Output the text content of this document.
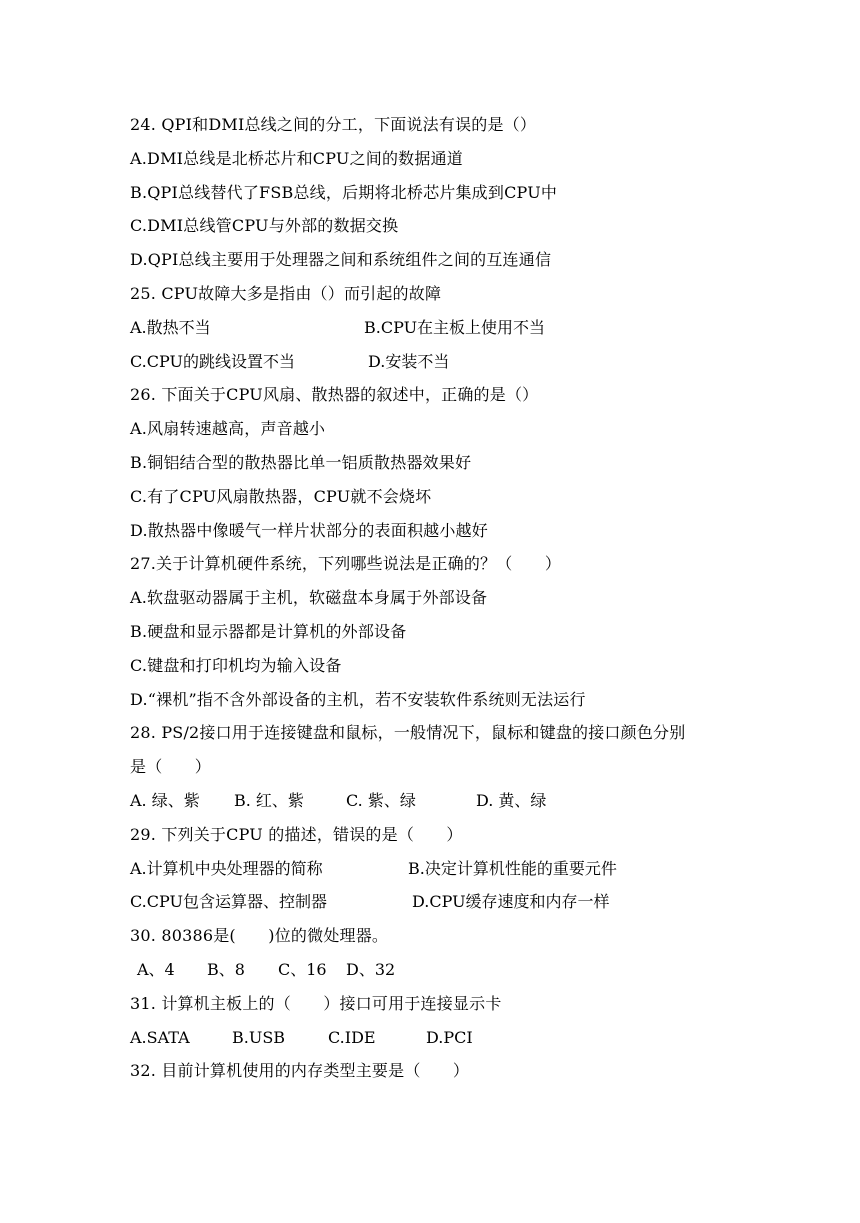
24. QPI和DMI总线之间的分工，下面说法有误的是（）
A.DMI总线是北桥芯片和CPU之间的数据通道
B.QPI总线替代了FSB总线，后期将北桥芯片集成到CPU中
C.DMI总线管CPU与外部的数据交换
D.QPI总线主要用于处理器之间和系统组件之间的互连通信
25. CPU故障大多是指由（）而引起的故障

A.散热不当

	B.CPU在主板上使用不当

C.CPU的跳线设置不当

	D.安装不当

26. 下面关于CPU风扇、散热器的叙述中，正确的是（）
A.风扇转速越高，声音越小
B.铜铝结合型的散热器比单一铝质散热器效果好
C.有了CPU风扇散热器，CPU就不会烧坏
D.散热器中像暖气一样片状部分的表面积越小越好
27.关于计算机硬件系统，下列哪些说法是正确的？（　　）
A.软盘驱动器属于主机，软磁盘本身属于外部设备
B.硬盘和显示器都是计算机的外部设备
C.键盘和打印机均为输入设备
D.“裸机”指不含外部设备的主机，若不安装软件系统则无法运行
28. PS/2接口用于连接键盘和鼠标，一般情况下，鼠标和键盘的接口颜色分别
是（　　）

A. 绿、紫

B. 红、紫

	C. 紫、绿

	D. 黄、绿

29. 下列关于CPU 的描述，错误的是（　　）

A.计算机中央处理器的简称

	B.决定计算机性能的重要元件

C.CPU包含运算器、控制器

	D.CPU缓存速度和内存一样

30. 80386是(　　)位的微处理器。

A、4

B、8

C、16

D、32

31. 计算机主板上的（　　）接口可用于连接显示卡

A.SATA

	B.USB

	C.IDE

	D.PCI

32. 目前计算机使用的内存类型主要是（　　）
